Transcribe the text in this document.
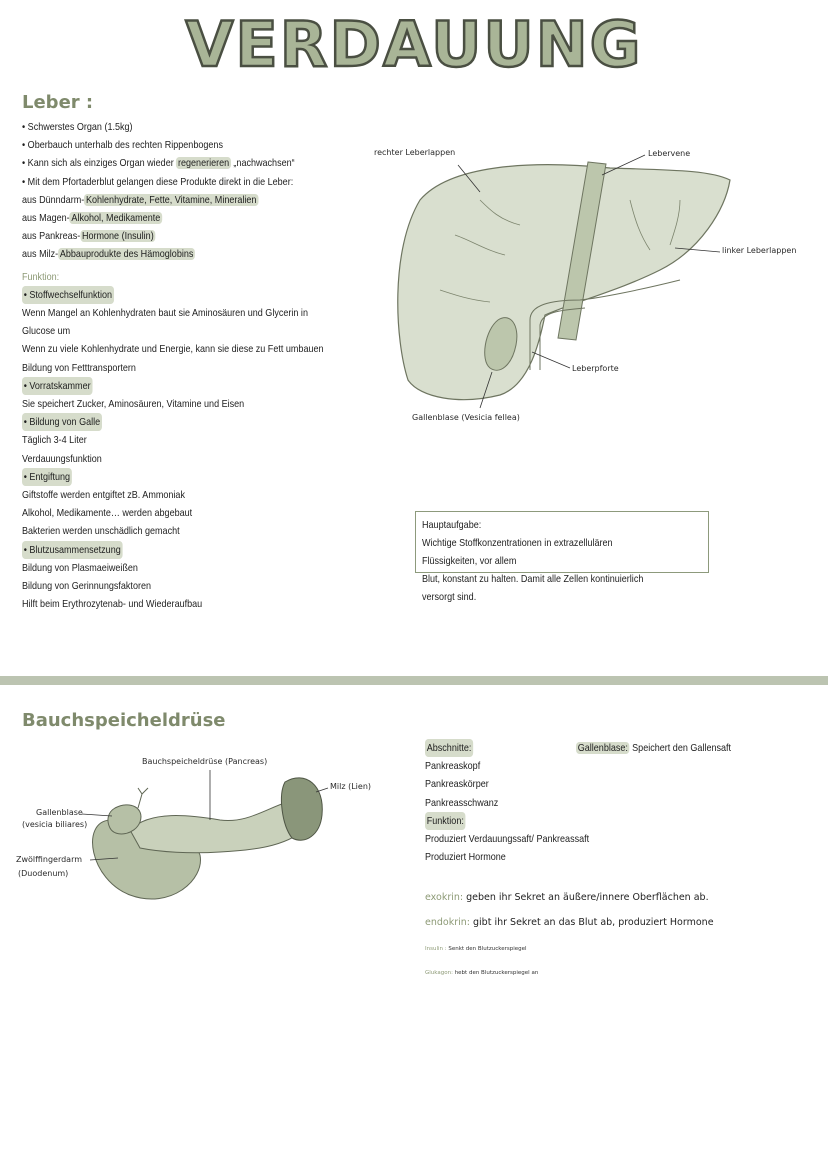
VERDAUUNG
Leber :
• Schwerstes Organ (1.5kg)
• Oberbauch unterhalb des rechten Rippenbogens
• Kann sich als einziges Organ wieder regenerieren „nachwachsen“
• Mit dem Pfortaderblut gelangen diese Produkte direkt in die Leber:
aus Dünndarm- Kohlenhydrate, Fette, Vitamine, Mineralien
aus Magen- Alkohol, Medikamente
aus Pankreas- Hormone (Insulin)
aus Milz- Abbauprodukte des Hämoglobins
Funktion:
• Stoffwechselfunktion
Wenn Mangel an Kohlenhydraten baut sie Aminosäuren und Glycerin in
Glucose um
Wenn zu viele Kohlenhydrate und Energie, kann sie diese zu Fett umbauen
Bildung von Fetttransportern
• Vorratskammer
Sie speichert Zucker, Aminosäuren, Vitamine und Eisen
• Bildung von Galle
Täglich 3-4 Liter
Verdauungsfunktion
• Entgiftung
Giftstoffe werden entgiftet zB. Ammoniak
Alkohol, Medikamente… werden abgebaut
Bakterien werden unschädlich gemacht
• Blutzusammensetzung
Bildung von Plasmaeiweißen
Bildung von Gerinnungsfaktoren
Hilft beim Erythrozytenab- und Wiederaufbau
rechter Leberlappen	Lebervene
linker Leberlappen
Leberpforte
Gallenblase (Vesicia fellea)
Hauptaufgabe:
Wichtige Stoffkonzentrationen in extrazellulären Flüssigkeiten, vor allem
Blut, konstant zu halten. Damit alle Zellen kontinuierlich versorgt sind.
Bauchspeicheldrüse
Bauchspeicheldrüse (Pancreas)
Milz (Lien)
Gallenblase
(vesicia biliares)
Zwölffingerdarm
(Duodenum)
Abschnitte:
Pankreaskopf
Pankreaskörper
Pankreasschwanz
Funktion:
Produziert Verdauungssaft/ Pankreassaft
Produziert Hormone
Gallenblase: Speichert den Gallensaft
exokrin: geben ihr Sekret an äußere/innere Oberflächen ab.
endokrin: gibt ihr Sekret an das Blut ab, produziert Hormone
Insulin : Senkt den Blutzuckerspiegel
Glukagon: hebt den Blutzuckerspiegel an
